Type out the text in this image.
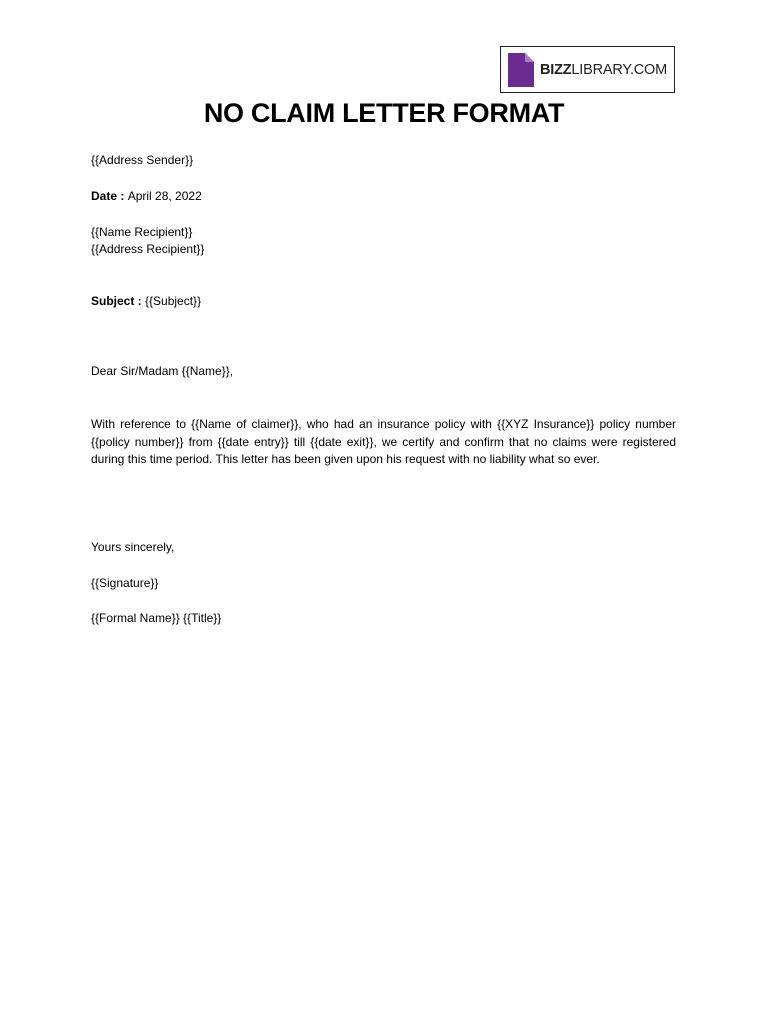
BIZZLIBRARY.COM
NO CLAIM LETTER FORMAT
{{Address Sender}}
Date : April 28, 2022
{{Name Recipient}}
{{Address Recipient}}
Subject : {{Subject}}
Dear Sir/Madam {{Name}},
With reference to {{Name of claimer}}, who had an insurance policy with {{XYZ Insurance}} policy number {{policy number}} from {{date entry}} till {{date exit}}, we certify and confirm that no claims were registered during this time period. This letter has been given upon his request with no liability what so ever.
Yours sincerely,
{{Signature}}
{{Formal Name}} {{Title}}
